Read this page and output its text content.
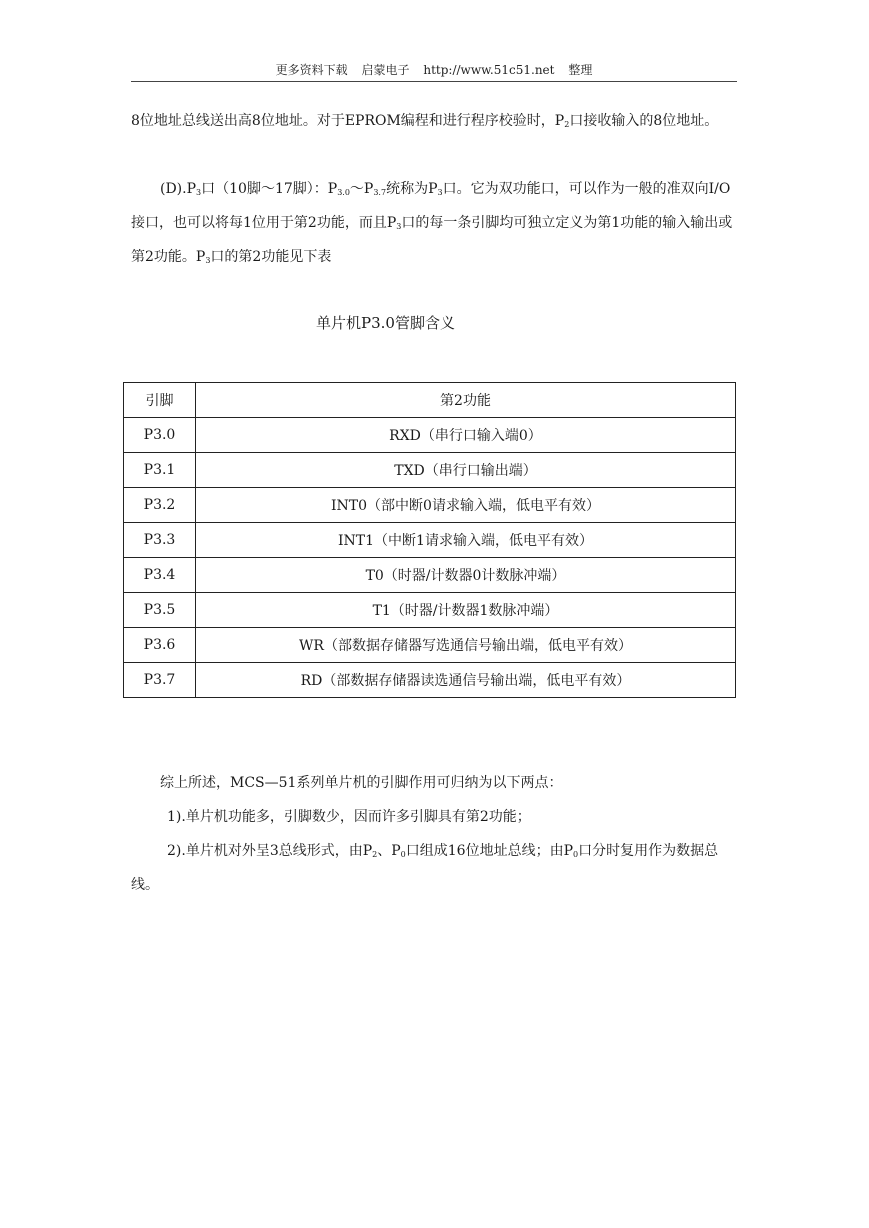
更多资料下载 启蒙电子 http://www.51c51.net 整理
8位地址总线送出高8位地址。对于EPROM编程和进行程序校验时，$P_2$口接收输入的8位地址。
$(D).P_3$口（10脚～17脚）：$P_{3.0}\sim P_{3.7}$统称为$P_3$口。它为双功能口，可以作为一般的准双向I/O接口，也可以将每1位用于第2功能，而且$P_3$口的每一条引脚均可独立定义为第1功能的输入输出或第2功能。$P_3$口的第2功能见下表
单片机P3.0管脚含义
引脚	第2功能
P3.0	RXD（串行口输入端0）
P3.1	TXD（串行口输出端）
P3.2	INT0（部中断0请求输入端，低电平有效）
P3.3	INT1（中断1请求输入端，低电平有效）
P3.4	T0（时器/计数器0计数脉冲端）
P3.5	T1（时器/计数器1数脉冲端）
P3.6	WR（部数据存储器写选通信号输出端，低电平有效）
P3.7	RD（部数据存储器读选通信号输出端，低电平有效）
综上所述，MCS—51系列单片机的引脚作用可归纳为以下两点：
1).单片机功能多，引脚数少，因而许多引脚具有第2功能；
2).单片机对外呈3总线形式，由$P_2$、$P_0$口组成16位地址总线；由$P_0$口分时复用作为数据总线。
